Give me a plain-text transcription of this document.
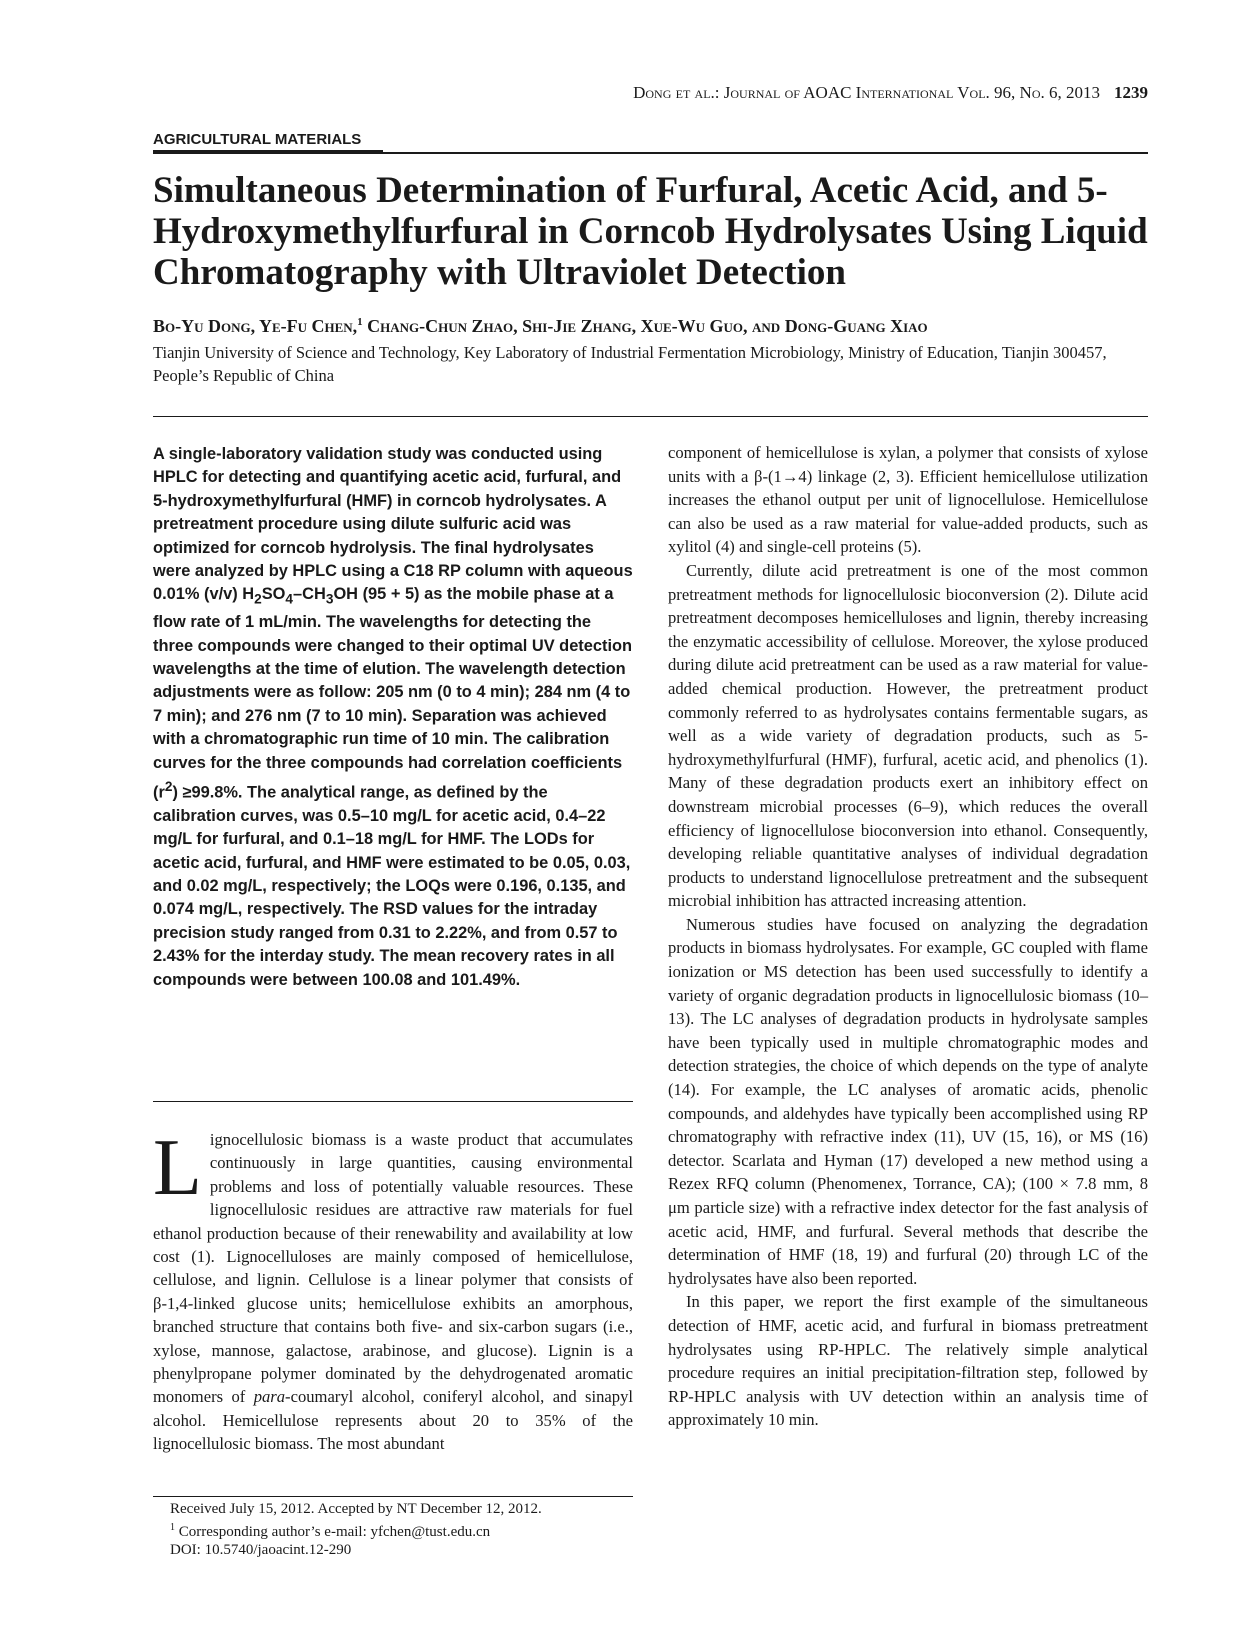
Dong et al.: Journal of AOAC International Vol. 96, No. 6, 2013 1239
AGRICULTURAL MATERIALS
Simultaneous Determination of Furfural, Acetic Acid, and 5-Hydroxymethylfurfural in Corncob Hydrolysates Using Liquid Chromatography with Ultraviolet Detection
Bo-Yu Dong, Ye-Fu Chen,$^1$ Chang-Chun Zhao, Shi-Jie Zhang, Xue-Wu Guo, and Dong-Guang Xiao
Tianjin University of Science and Technology, Key Laboratory of Industrial Fermentation Microbiology, Ministry of Education, Tianjin 300457, People’s Republic of China

A single-laboratory validation study was conducted using HPLC for detecting and quantifying acetic acid, furfural, and 5-hydroxymethylfurfural (HMF) in corncob hydrolysates. A pretreatment procedure using dilute sulfuric acid was optimized for corncob hydrolysis. The final hydrolysates were analyzed by HPLC using a C18 RP column with aqueous 0.01% (v/v) $H_2SO_4-CH_3OH$ (95 + 5) as the mobile phase at a flow rate of 1 mL/min. The wavelengths for detecting the three compounds were changed to their optimal UV detection wavelengths at the time of elution. The wavelength detection adjustments were as follow: 205 nm (0 to 4 min); 284 nm (4 to 7 min); and 276 nm (7 to 10 min). Separation was achieved with a chromatographic run time of 10 min. The calibration curves for the three compounds had correlation coefficients $(r^2) \ge 99.8\%$. The analytical range, as defined by the calibration curves, was 0.5–10 mg/L for acetic acid, 0.4–22 mg/L for furfural, and 0.1–18 mg/L for HMF. The LODs for acetic acid, furfural, and HMF were estimated to be 0.05, 0.03, and 0.02 mg/L, respectively; the LOQs were 0.196, 0.135, and 0.074 mg/L, respectively. The RSD values for the intraday precision study ranged from 0.31 to 2.22%, and from 0.57 to 2.43% for the interday study. The mean recovery rates in all compounds were between 100.08 and 101.49%.

Lignocellulosic biomass is a waste product that accumulates continuously in large quantities, causing environmental problems and loss of potentially valuable resources. These lignocellulosic residues are attractive raw materials for fuel ethanol production because of their renewability and availability at low cost (1). Lignocelluloses are mainly composed of hemicellulose, cellulose, and lignin. Cellulose is a linear polymer that consists of β-1,4-linked glucose units; hemicellulose exhibits an amorphous, branched structure that contains both five- and six-carbon sugars (i.e., xylose, mannose, galactose, arabinose, and glucose). Lignin is a phenylpropane polymer dominated by the dehydrogenated aromatic monomers of para-coumaryl alcohol, coniferyl alcohol, and sinapyl alcohol. Hemicellulose represents about 20 to 35% of the lignocellulosic biomass. The most abundant

Received July 15, 2012. Accepted by NT December 12, 2012.
$^1$ Corresponding author’s e-mail: yfchen@tust.edu.cn
DOI: 10.5740/jaoacint.12-290

component of hemicellulose is xylan, a polymer that consists of xylose units with a β-(1→4) linkage (2, 3). Efficient hemicellulose utilization increases the ethanol output per unit of lignocellulose. Hemicellulose can also be used as a raw material for value-added products, such as xylitol (4) and single-cell proteins (5).

Currently, dilute acid pretreatment is one of the most common pretreatment methods for lignocellulosic bioconversion (2). Dilute acid pretreatment decomposes hemicelluloses and lignin, thereby increasing the enzymatic accessibility of cellulose. Moreover, the xylose produced during dilute acid pretreatment can be used as a raw material for value-added chemical production. However, the pretreatment product commonly referred to as hydrolysates contains fermentable sugars, as well as a wide variety of degradation products, such as 5-hydroxymethylfurfural (HMF), furfural, acetic acid, and phenolics (1). Many of these degradation products exert an inhibitory effect on downstream microbial processes (6–9), which reduces the overall efficiency of lignocellulose bioconversion into ethanol. Consequently, developing reliable quantitative analyses of individual degradation products to understand lignocellulose pretreatment and the subsequent microbial inhibition has attracted increasing attention.

Numerous studies have focused on analyzing the degradation products in biomass hydrolysates. For example, GC coupled with flame ionization or MS detection has been used successfully to identify a variety of organic degradation products in lignocellulosic biomass (10–13). The LC analyses of degradation products in hydrolysate samples have been typically used in multiple chromatographic modes and detection strategies, the choice of which depends on the type of analyte (14). For example, the LC analyses of aromatic acids, phenolic compounds, and aldehydes have typically been accomplished using RP chromatography with refractive index (11), UV (15, 16), or MS (16) detector. Scarlata and Hyman (17) developed a new method using a Rezex RFQ column (Phenomenex, Torrance, CA); (100 × 7.8 mm, 8 μm particle size) with a refractive index detector for the fast analysis of acetic acid, HMF, and furfural. Several methods that describe the determination of HMF (18, 19) and furfural (20) through LC of the hydrolysates have also been reported.

In this paper, we report the first example of the simultaneous detection of HMF, acetic acid, and furfural in biomass pretreatment hydrolysates using RP-HPLC. The relatively simple analytical procedure requires an initial precipitation-filtration step, followed by RP-HPLC analysis with UV detection within an analysis time of approximately 10 min.
